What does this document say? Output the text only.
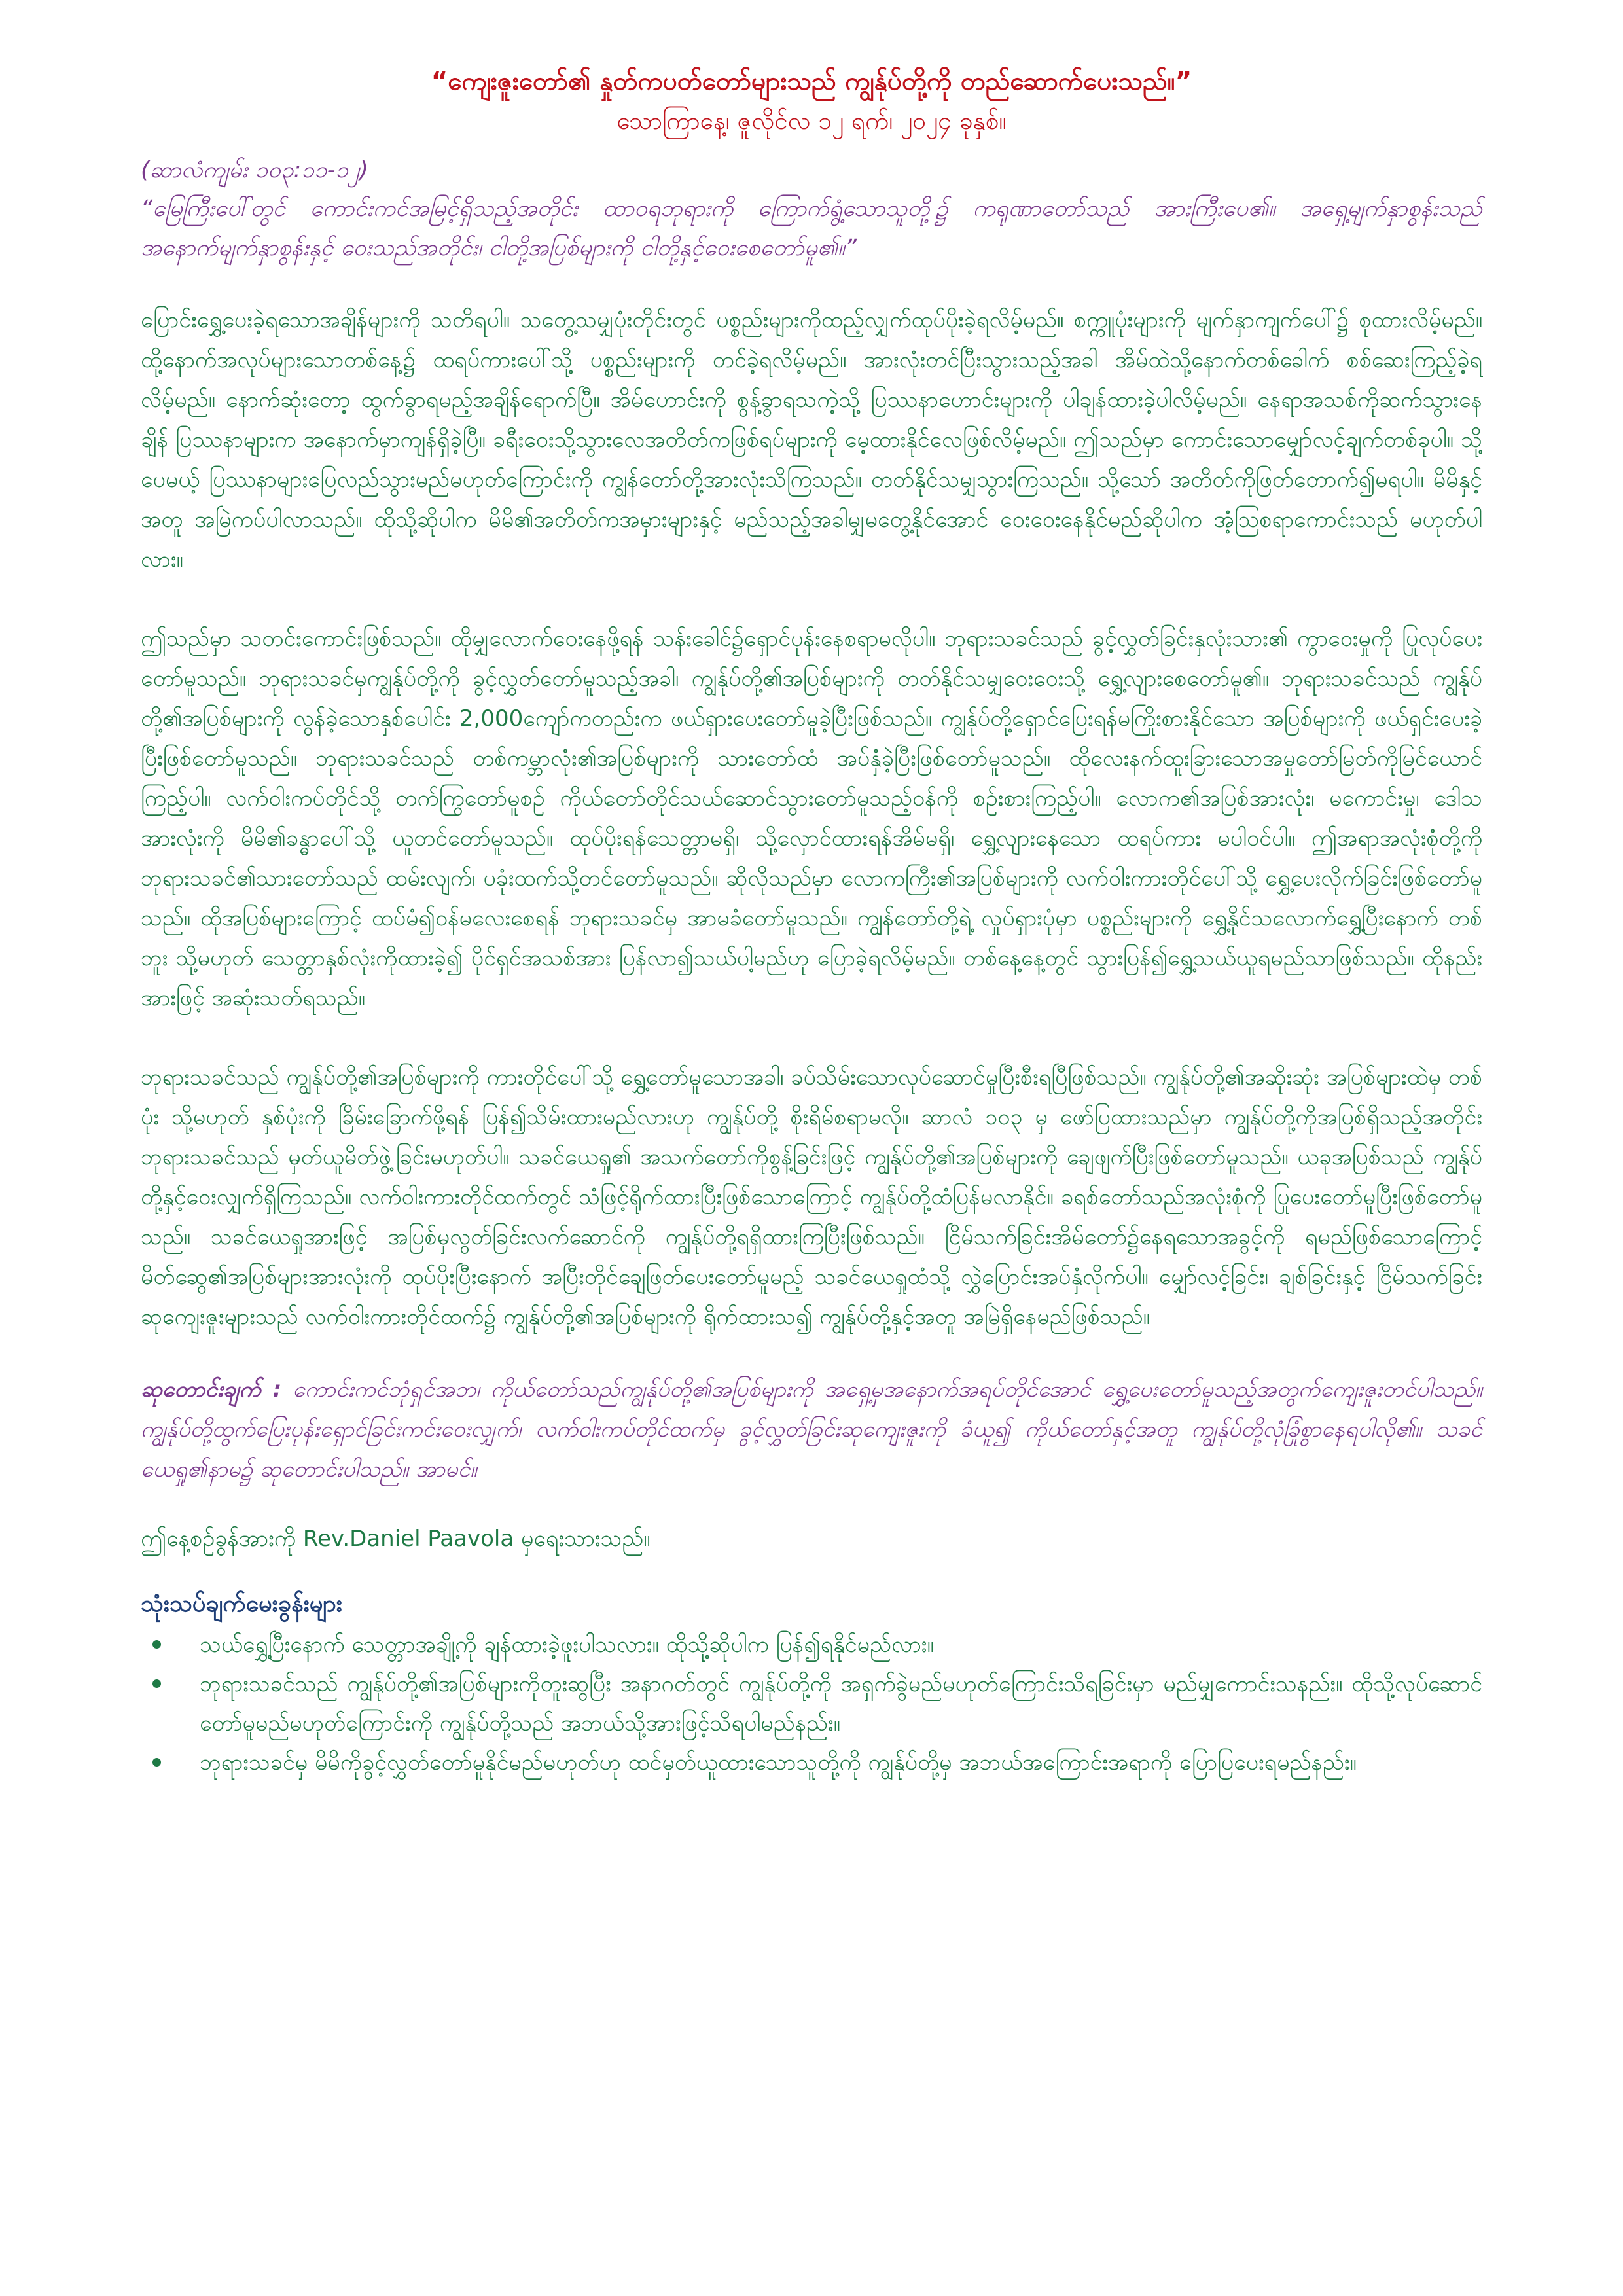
“ကျေးဇူးတော်၏ နှုတ်ကပတ်တော်များသည် ကျွန်ုပ်တို့ကို တည်ဆောက်ပေးသည်။”

သောကြာနေ့၊ ဇူလိုင်လ ၁၂ ရက်၊ ၂၀၂၄ ခုနှစ်။

(ဆာလံကျမ်း ၁၀၃:၁၁-၁၂)

“မြေကြီးပေါ်တွင် ကောင်းကင်အမြင့်ရှိသည့်အတိုင်း ထာဝရဘုရားကို ကြောက်ရွံ့သောသူတို့၌ ကရုဏာတော်သည် အားကြီးပေ၏။ အရှေ့မျက်နှာစွန်းသည် အနောက်မျက်နှာစွန်းနှင့် ဝေးသည်အတိုင်း၊ ငါတို့အပြစ်များကို ငါတို့နှင့်ဝေးစေတော်မူ၏။”

ပြောင်းရွှေ့ပေးခဲ့ရသောအချိန်များကို သတိရပါ။ သတွေ့သမျှပုံးတိုင်းတွင် ပစ္စည်းများကိုထည့်လျှက်ထုပ်ပိုးခဲ့ရလိမ့်မည်။ စက္ကူပုံးများကို မျက်နှာကျက်ပေါ်၌ စုထားလိမ့်မည်။ ထို့နောက်အလုပ်များသောတစ်နေ့၌ ထရပ်ကားပေါ်သို့ ပစ္စည်းများကို တင်ခဲ့ရလိမ့်မည်။ အားလုံးတင်ပြီးသွားသည့်အခါ အိမ်ထဲသို့နောက်တစ်ခေါက် စစ်ဆေးကြည့်ခဲ့ရလိမ့်မည်။ နောက်ဆုံးတော့ ထွက်ခွာရမည့်အချိန်ရောက်ပြီ။ အိမ်ဟောင်းကို စွန့်ခွာရသကဲ့သို့ ပြဿနာဟောင်းများကို ပါချန်ထားခဲ့ပါလိမ့်မည်။ နေရာအသစ်ကိုဆက်သွားနေချိန် ပြဿနာများက အနောက်မှာကျန်ရှိခဲ့ပြီ။ ခရီးဝေးသို့သွားလေအတိတ်ကဖြစ်ရပ်များကို မေ့ထားနိုင်လေဖြစ်လိမ့်မည်။ ဤသည်မှာ ကောင်းသောမျှော်လင့်ချက်တစ်ခုပါ။ သို့ပေမယ့် ပြဿနာများပြေလည်သွားမည်မဟုတ်ကြောင်းကို ကျွန်တော်တို့အားလုံးသိကြသည်။ တတ်နိုင်သမျှသွားကြသည်။ သို့သော် အတိတ်ကိုဖြတ်တောက်၍မရပါ။ မိမိနှင့်အတူ အမြဲကပ်ပါလာသည်။ ထိုသို့ဆိုပါက မိမိ၏အတိတ်ကအမှားများနှင့် မည်သည့်အခါမျှမတွေ့နိုင်အောင် ဝေးဝေးနေနိုင်မည်ဆိုပါက အံ့ဩစရာကောင်းသည် မဟုတ်ပါလား။

ဤသည်မှာ သတင်းကောင်းဖြစ်သည်။ ထိုမျှလောက်ဝေးနေဖို့ရန် သန်းခေါင်၌ရှောင်ပုန်းနေစရာမလိုပါ။ ဘုရားသခင်သည် ခွင့်လွှတ်ခြင်းနှလုံးသား၏ ကွာဝေးမှုကို ပြုလုပ်ပေးတော်မူသည်။ ဘုရားသခင်မှကျွန်ုပ်တို့ကို ခွင့်လွှတ်တော်မူသည့်အခါ၊ ကျွန်ုပ်တို့၏အပြစ်များကို တတ်နိုင်သမျှဝေးဝေးသို့ ရွှေ့လျားစေတော်မူ၏။ ဘုရားသခင်သည် ကျွန်ုပ်တို့၏အပြစ်များကို လွန်ခဲ့သောနှစ်ပေါင်း 2,000ကျော်ကတည်းက ဖယ်ရှားပေးတော်မူခဲ့ပြီးဖြစ်သည်။ ကျွန်ုပ်တို့ရှောင်ပြေးရန်မကြိုးစားနိုင်သော အပြစ်များကို ဖယ်ရှင်းပေးခဲ့ပြီးဖြစ်တော်မူသည်။ ဘုရားသခင်သည် တစ်ကမ္ဘာလုံး၏အပြစ်များကို သားတော်ထံ အပ်နှံခဲ့ပြီးဖြစ်တော်မူသည်။ ထိုလေးနက်ထူးခြားသောအမှုတော်မြတ်ကိုမြင်ယောင်ကြည့်ပါ။ လက်ဝါးကပ်တိုင်သို့ တက်ကြွတော်မူစဉ် ကိုယ်တော်တိုင်သယ်ဆောင်သွားတော်မူသည့်ဝန်ကို စဉ်းစားကြည့်ပါ။ လောက၏အပြစ်အားလုံး၊ မကောင်းမှု၊ ဒေါသအားလုံးကို မိမိ၏ခန္ဓာပေါ်သို့ ယူတင်တော်မူသည်။ ထုပ်ပိုးရန်သေတ္တာမရှိ၊ သို့လှောင်ထားရန်အိမ်မရှိ၊ ရွှေ့လျားနေသော ထရပ်ကား မပါဝင်ပါ။ ဤအရာအလုံးစုံတို့ကို ဘုရားသခင်၏သားတော်သည် ထမ်းလျက်၊ ပခုံးထက်သို့တင်တော်မူသည်။ ဆိုလိုသည်မှာ လောကကြီး၏အပြစ်များကို လက်ဝါးကားတိုင်ပေါ်သို့ ရွှေ့ပေးလိုက်ခြင်းဖြစ်တော်မူသည်။ ထိုအပြစ်များကြောင့် ထပ်မံ၍ဝန်မလေးစေရန် ဘုရားသခင်မှ အာမခံတော်မူသည်။ ကျွန်တော်တို့ရဲ့ လှုပ်ရှားပုံမှာ ပစ္စည်းများကို ရွှေ့နိုင်သလောက်ရွှေ့ပြီးနောက် တစ်ဘူး သို့မဟုတ် သေတ္တာနှစ်လုံးကိုထားခဲ့၍ ပိုင်ရှင်အသစ်အား ပြန်လာ၍သယ်ပါ့မည်ဟု ပြောခဲ့ရလိမ့်မည်။ တစ်နေ့နေ့တွင် သွားပြန်၍ရွှေ့သယ်ယူရမည်သာဖြစ်သည်။ ထိုနည်းအားဖြင့် အဆုံးသတ်ရသည်။

ဘုရားသခင်သည် ကျွန်ုပ်တို့၏အပြစ်များကို ကားတိုင်ပေါ်သို့ ရွှေ့တော်မူသောအခါ၊ ခပ်သိမ်းသောလုပ်ဆောင်မှုပြီးစီးရပြီဖြစ်သည်။ ကျွန်ုပ်တို့၏အဆိုးဆုံး အပြစ်များထဲမှ တစ်ပုံး သို့မဟုတ် နှစ်ပုံးကို ခြိမ်းခြောက်ဖို့ရန် ပြန်၍သိမ်းထားမည်လားဟု ကျွန်ုပ်တို့ စိုးရိမ်စရာမလို။ ဆာလံ ၁၀၃ မှ ဖော်ပြထားသည်မှာ ကျွန်ုပ်တို့ကိုအပြစ်ရှိသည့်အတိုင်း ဘုရားသခင်သည် မှတ်ယူမိတ်ဖွဲ့ခြင်းမဟုတ်ပါ။ သခင်ယေရှု၏ အသက်တော်ကိုစွန့်ခြင်းဖြင့် ကျွန်ုပ်တို့၏အပြစ်များကို ချေဖျက်ပြီးဖြစ်တော်မူသည်။ ယခုအပြစ်သည် ကျွန်ုပ်တို့နှင့်ဝေးလျှက်ရှိကြသည်။ လက်ဝါးကားတိုင်ထက်တွင် သံဖြင့်ရိုက်ထားပြီးဖြစ်သောကြောင့် ကျွန်ုပ်တို့ထံပြန်မလာနိုင်။ ခရစ်တော်သည်အလုံးစုံကို ပြုပေးတော်မူပြီးဖြစ်တော်မူသည်။ သခင်ယေရှုအားဖြင့် အပြစ်မှလွတ်ခြင်းလက်ဆောင်ကို ကျွန်ုပ်တို့ရရှိထားကြပြီးဖြစ်သည်။ ငြိမ်သက်ခြင်းအိမ်တော်၌နေရသောအခွင့်ကို ရမည်ဖြစ်သောကြောင့် မိတ်ဆွေ၏အပြစ်များအားလုံးကို ထုပ်ပိုးပြီးနောက် အပြီးတိုင်ချေဖြတ်ပေးတော်မူမည့် သခင်ယေရှုထံသို့ လွှဲပြောင်းအပ်နှံလိုက်ပါ။ မျှော်လင့်ခြင်း၊ ချစ်ခြင်းနှင့် ငြိမ်သက်ခြင်း ဆုကျေးဇူးများသည် လက်ဝါးကားတိုင်ထက်၌ ကျွန်ုပ်တို့၏အပြစ်များကို ရိုက်ထားသ၍ ကျွန်ုပ်တို့နှင့်အတူ အမြဲရှိနေမည်ဖြစ်သည်။

ဆုတောင်းချက် : ကောင်းကင်ဘုံရှင်အဘ၊ ကိုယ်တော်သည်ကျွန်ုပ်တို့၏အပြစ်များကို အရှေ့မှအနောက်အရပ်တိုင်အောင် ရွှေ့ပေးတော်မူသည့်အတွက်ကျေးဇူးတင်ပါသည်။ ကျွန်ုပ်တို့ထွက်ပြေးပုန်းရှောင်ခြင်းကင်းဝေးလျှက်၊ လက်ဝါးကပ်တိုင်ထက်မှ ခွင့်လွှတ်ခြင်းဆုကျေးဇူးကို ခံယူ၍ ကိုယ်တော်နှင့်အတူ ကျွန်ုပ်တို့လုံခြုံစွာနေရပါလို၏။ သခင်ယေရှု၏နာမ၌ ဆုတောင်းပါသည်။ အာမင်။

ဤနေ့စဉ်ခွန်အားကို Rev.Daniel Paavola မှရေးသားသည်။

သုံးသပ်ချက်မေးခွန်းများ
သယ်ရွှေ့ပြီးနောက် သေတ္တာအချို့ကို ချန်ထားခဲ့ဖူးပါသလား။ ထိုသို့ဆိုပါက ပြန်၍ရနိုင်မည်လား။
ဘုရားသခင်သည် ကျွန်ုပ်တို့၏အပြစ်များကိုတူးဆွပြီး အနာဂတ်တွင် ကျွန်ုပ်တို့ကို အရှက်ခွဲမည်မဟုတ်ကြောင်းသိရခြင်းမှာ မည်မျှကောင်းသနည်း။ ထိုသို့လုပ်ဆောင်တော်မူမည်မဟုတ်ကြောင်းကို ကျွန်ုပ်တို့သည် အဘယ်သို့အားဖြင့်သိရပါမည်နည်း။
ဘုရားသခင်မှ မိမိကိုခွင့်လွှတ်တော်မူနိုင်မည်မဟုတ်ဟု ထင်မှတ်ယူထားသောသူတို့ကို ကျွန်ုပ်တို့မှ အဘယ်အကြောင်းအရာကို ပြောပြပေးရမည်နည်း။
